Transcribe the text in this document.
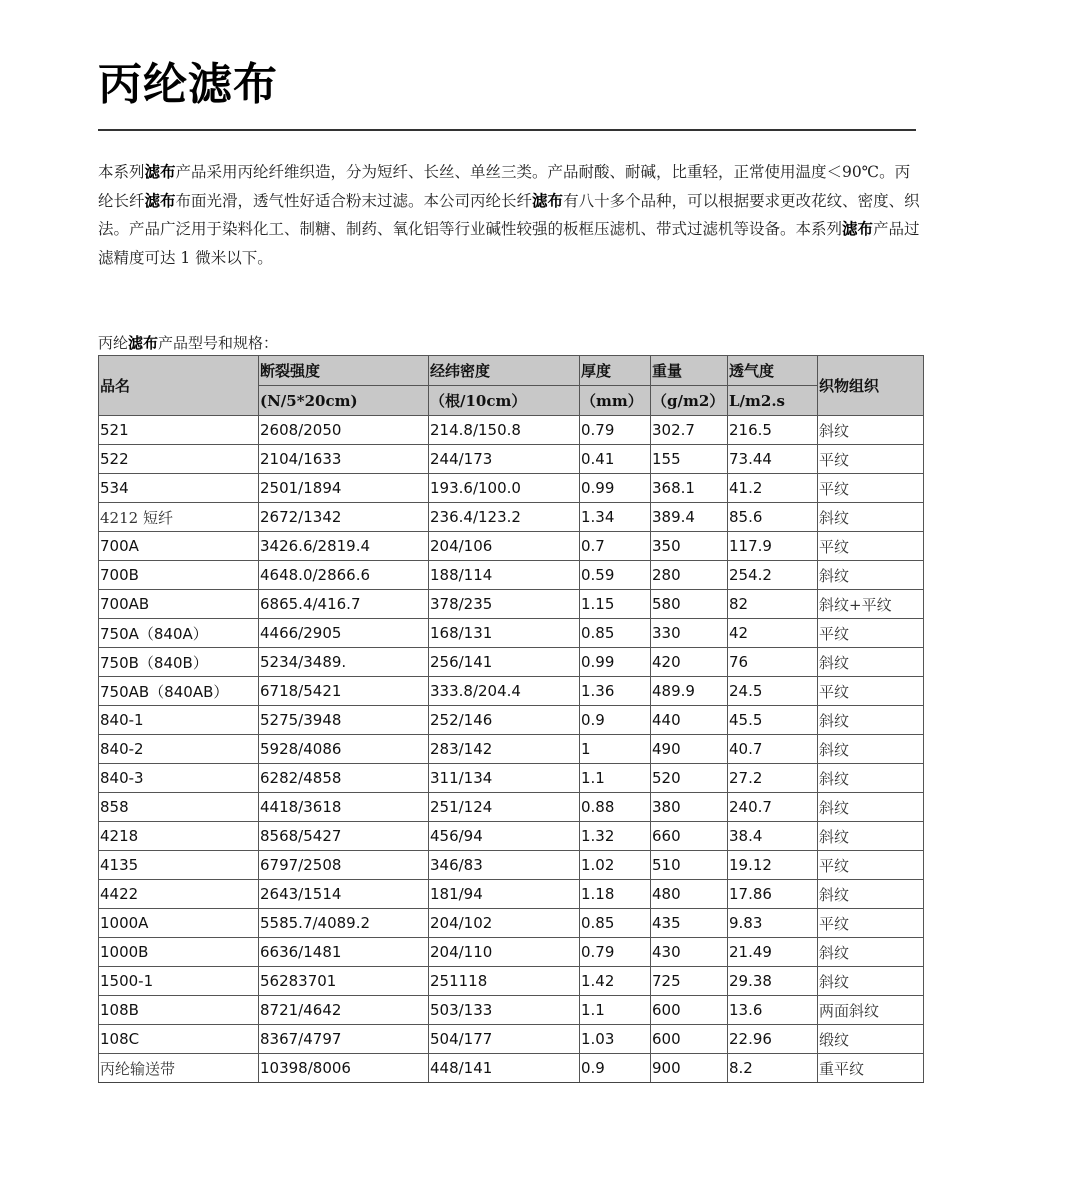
丙纶滤布

本系列滤布产品采用丙纶纤维织造，分为短纤、长丝、单丝三类。产品耐酸、耐碱，比重轻，正常使用温度＜90℃。丙纶长纤滤布布面光滑，透气性好适合粉末过滤。本公司丙纶长纤滤布有八十多个品种，可以根据要求更改花纹、密度、织法。产品广泛用于染料化工、制糖、制药、氧化铝等行业碱性较强的板框压滤机、带式过滤机等设备。本系列滤布产品过滤精度可达 1 微米以下。

丙纶滤布产品型号和规格：
品名	断裂强度	经纬密度	厚度	重量	透气度	织物组织
	(N/5*20cm)	（根/10cm）	（mm）	（g/m2）	L/m2.s	
521	2608/2050	214.8/150.8	0.79	302.7	216.5	斜纹
522	2104/1633	244/173	0.41	155	73.44	平纹
534	2501/1894	193.6/100.0	0.99	368.1	41.2	平纹
4212 短纤	2672/1342	236.4/123.2	1.34	389.4	85.6	斜纹
700A	3426.6/2819.4	204/106	0.7	350	117.9	平纹
700B	4648.0/2866.6	188/114	0.59	280	254.2	斜纹
700AB	6865.4/416.7	378/235	1.15	580	82	斜纹+平纹
750A（840A）	4466/2905	168/131	0.85	330	42	平纹
750B（840B）	5234/3489.	256/141	0.99	420	76	斜纹
750AB（840AB）	6718/5421	333.8/204.4	1.36	489.9	24.5	平纹
840-1	5275/3948	252/146	0.9	440	45.5	斜纹
840-2	5928/4086	283/142	1	490	40.7	斜纹
840-3	6282/4858	311/134	1.1	520	27.2	斜纹
858	4418/3618	251/124	0.88	380	240.7	斜纹
4218	8568/5427	456/94	1.32	660	38.4	斜纹
4135	6797/2508	346/83	1.02	510	19.12	平纹
4422	2643/1514	181/94	1.18	480	17.86	斜纹
1000A	5585.7/4089.2	204/102	0.85	435	9.83	平纹
1000B	6636/1481	204/110	0.79	430	21.49	斜纹
1500-1	56283701	251118	1.42	725	29.38	斜纹
108B	8721/4642	503/133	1.1	600	13.6	两面斜纹
108C	8367/4797	504/177	1.03	600	22.96	缎纹
丙纶输送带	10398/8006	448/141	0.9	900	8.2	重平纹
